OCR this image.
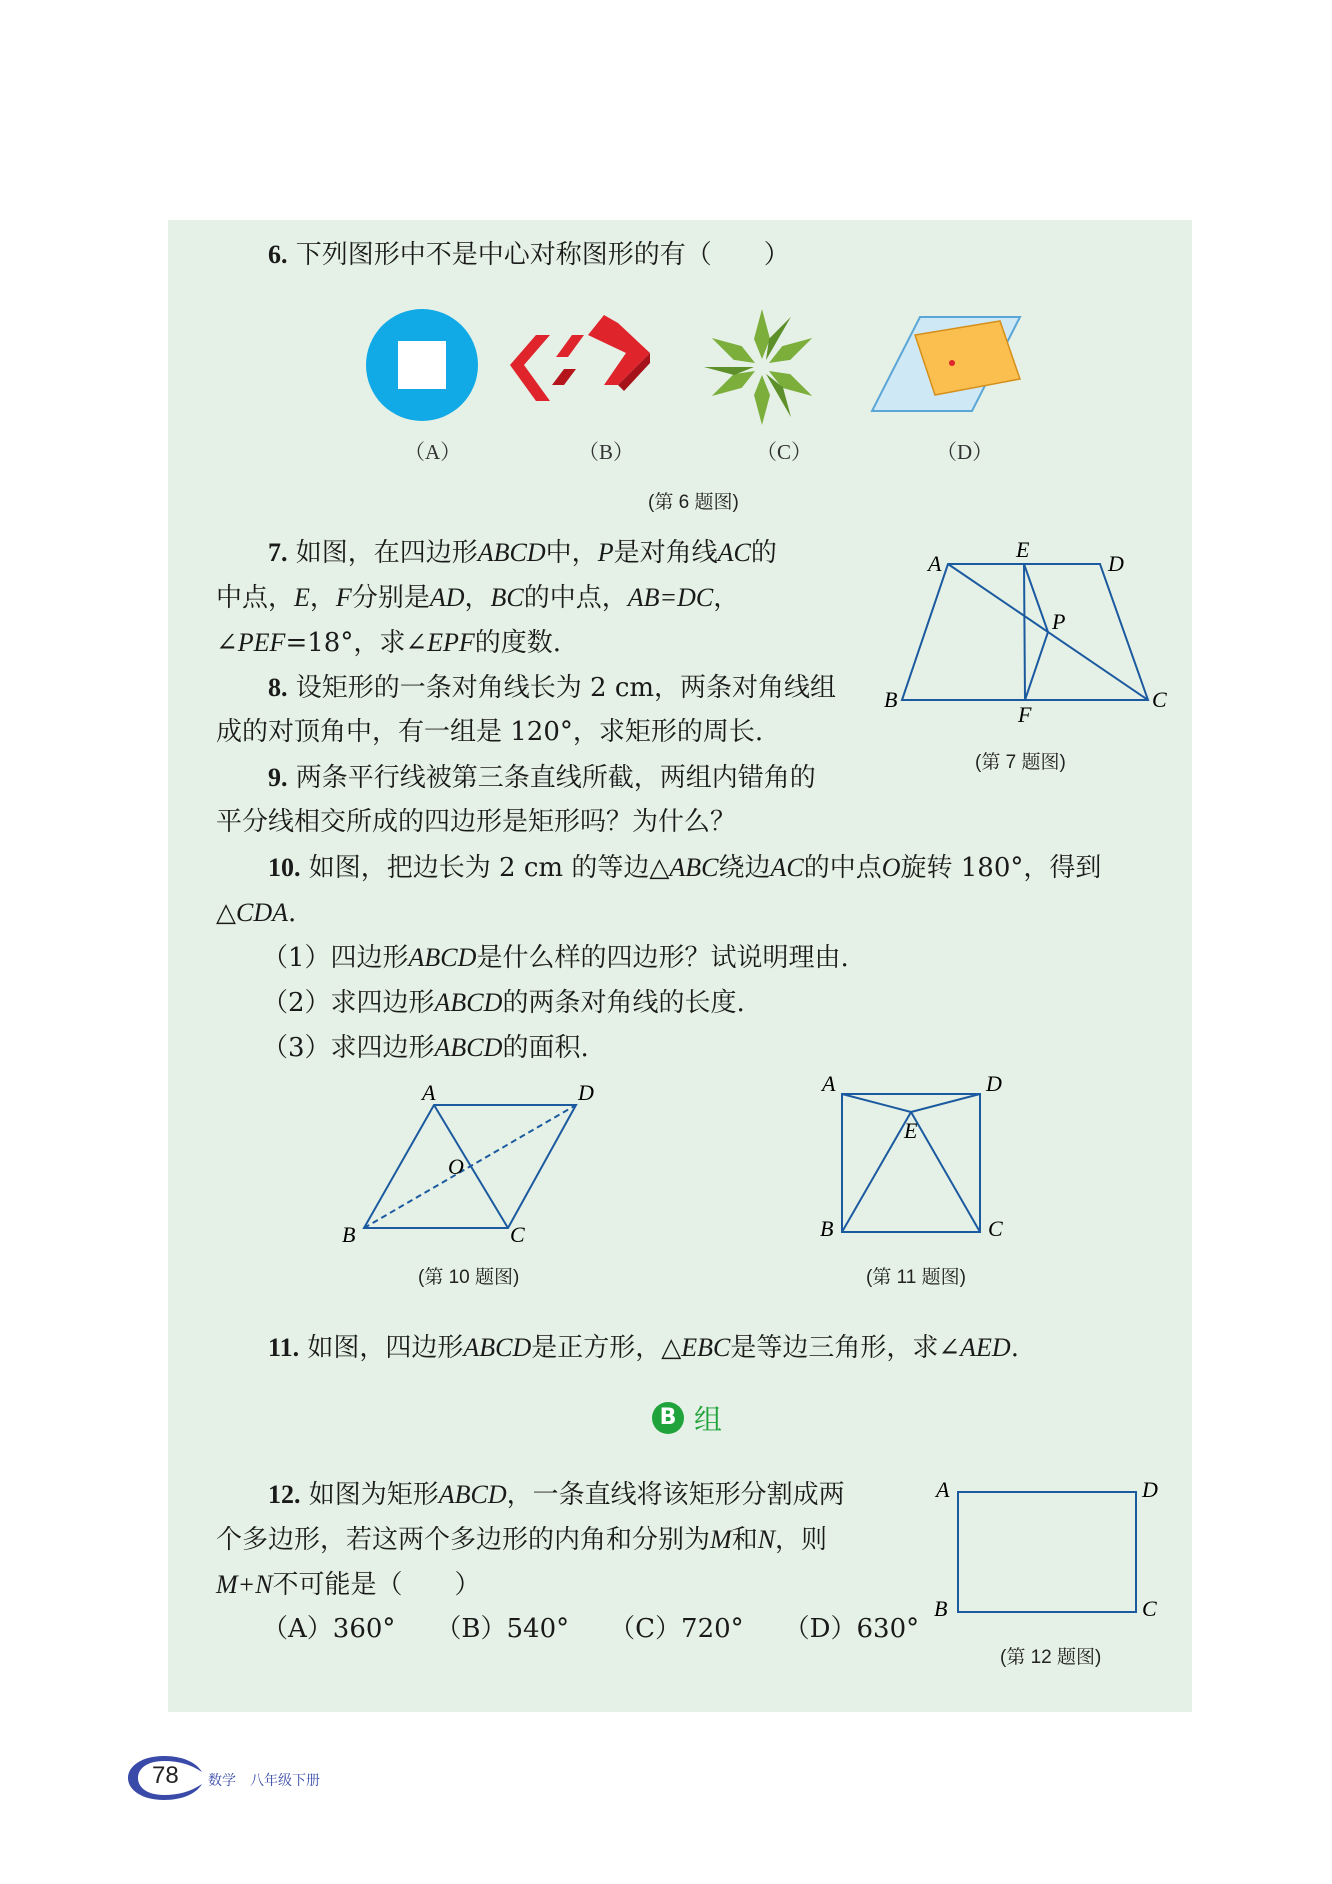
6. 下列图形中不是中心对称图形的有（　　）
（A）	（B）	（C）	（D）
(第 6 题图)
7. 如图，在四边形ABCD中，P是对角线AC的
中点，E，F分别是AD，BC的中点，AB=DC，
∠PEF=18°，求∠EPF的度数.
A
E
D
P
B
F
C
(第 7 题图)
8. 设矩形的一条对角线长为 2 cm，两条对角线组
成的对顶角中，有一组是 120°，求矩形的周长.
9. 两条平行线被第三条直线所截，两组内错角的
平分线相交所成的四边形是矩形吗？为什么？
10. 如图，把边长为 2 cm 的等边△ABC绕边AC的中点O旋转 180°，得到
△CDA.
（1）四边形ABCD是什么样的四边形？试说明理由.
（2）求四边形ABCD的两条对角线的长度.
（3）求四边形ABCD的面积.
A	D
O
B	C
(第 10 题图)
A	D
E
B	C
(第 11 题图)
11. 如图，四边形ABCD是正方形，△EBC是等边三角形，求∠AED.
B 组
12. 如图为矩形ABCD，一条直线将该矩形分割成两
个多边形，若这两个多边形的内角和分别为M和N，则
M+N不可能是（　　）
（A）360° （B）540° （C）720° （D）630°
A	D
B	C
(第 12 题图)
78 数学　八年级下册
